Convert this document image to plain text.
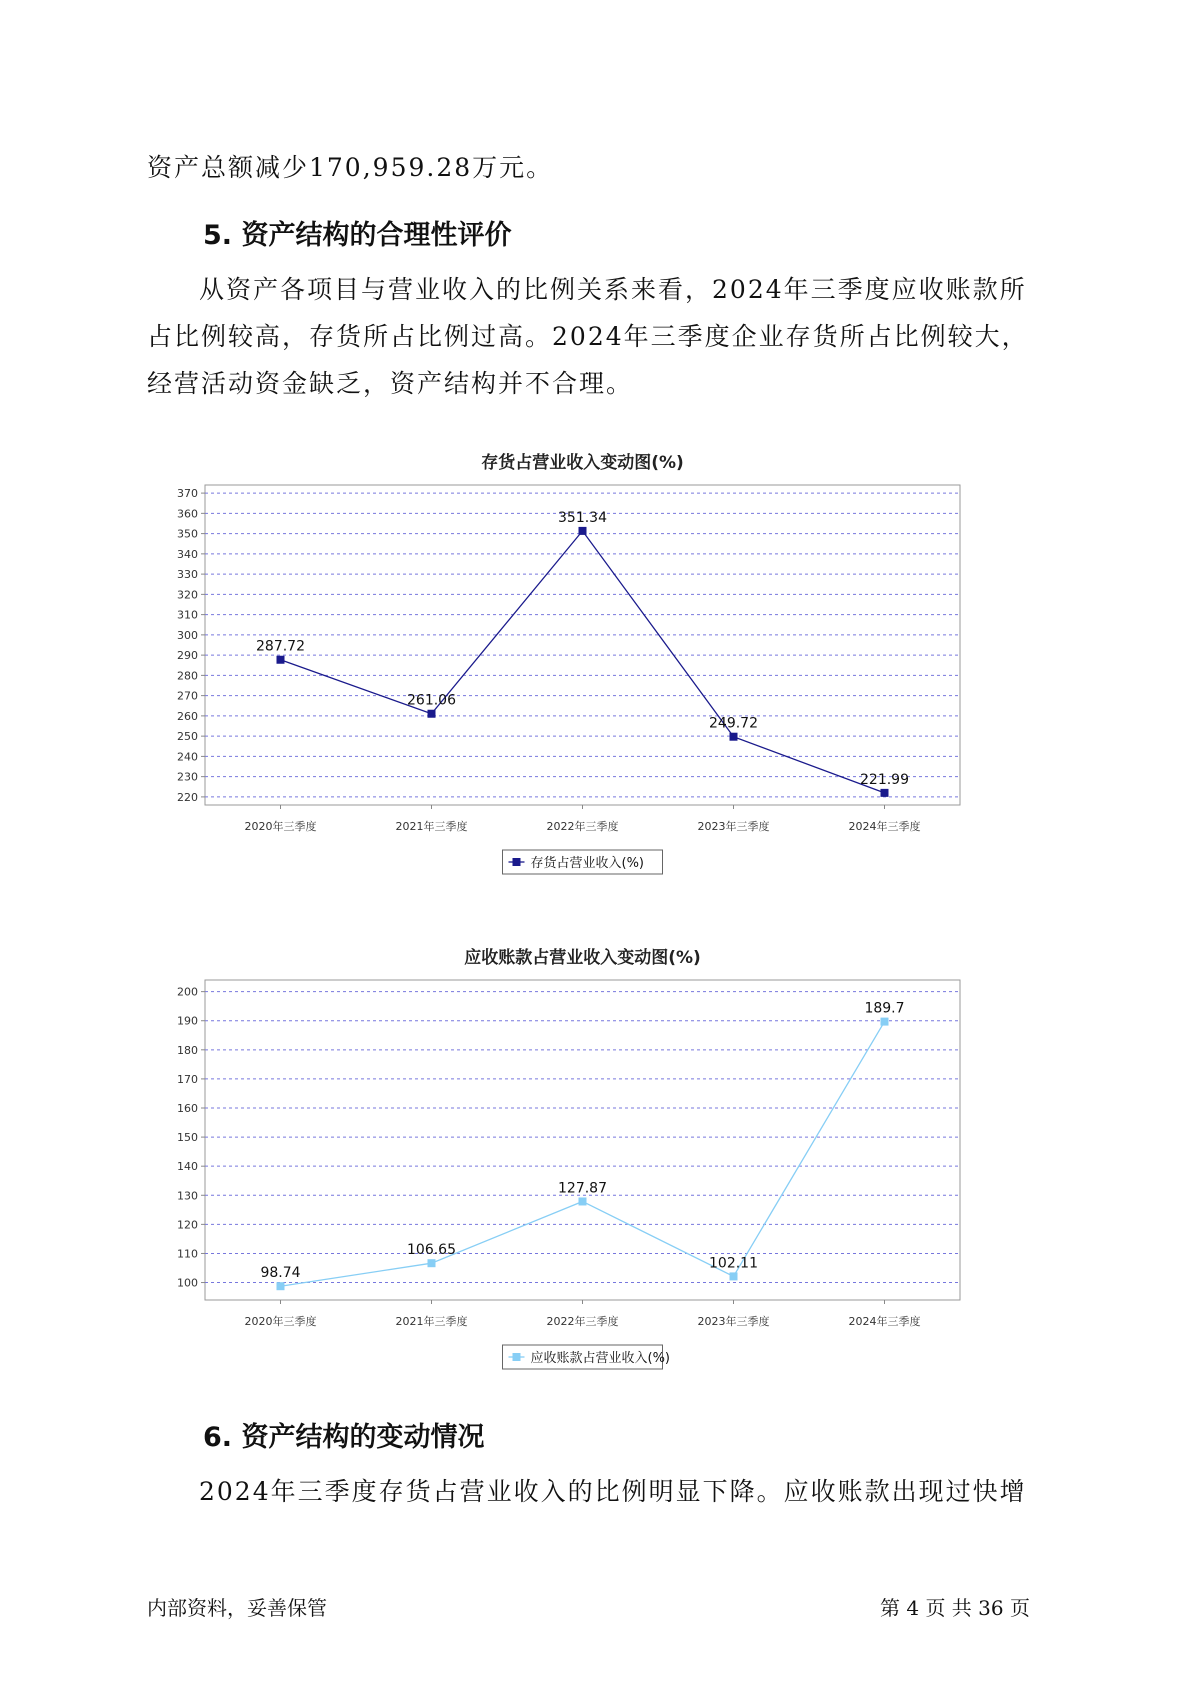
资产总额减少170,959.28万元。

5. 资产结构的合理性评价

从资产各项目与营业收入的比例关系来看，2024年三季度应收账款所

占比例较高，存货所占比例过高。2024年三季度企业存货所占比例较大，

经营活动资金缺乏，资产结构并不合理。

存货占营业收入变动图(%)
220
230
240
250
260
270
280
290
300
310
320
330
340
350
360
370
2020年三季度	2021年三季度	2022年三季度	2023年三季度	2024年三季度
287.72
261.06
351.34
249.72
221.99
存货占营业收入(%)
应收账款占营业收入变动图(%)
100
110
120
130
140
150
160
170
180
190
200
2020年三季度	2021年三季度	2022年三季度	2023年三季度	2024年三季度
98.74
106.65
127.87
102.11
189.7
应收账款占营业收入(%)
6. 资产结构的变动情况

2024年三季度存货占营业收入的比例明显下降。应收账款出现过快增

内部资料，妥善保管	第 4 页 共 36 页
